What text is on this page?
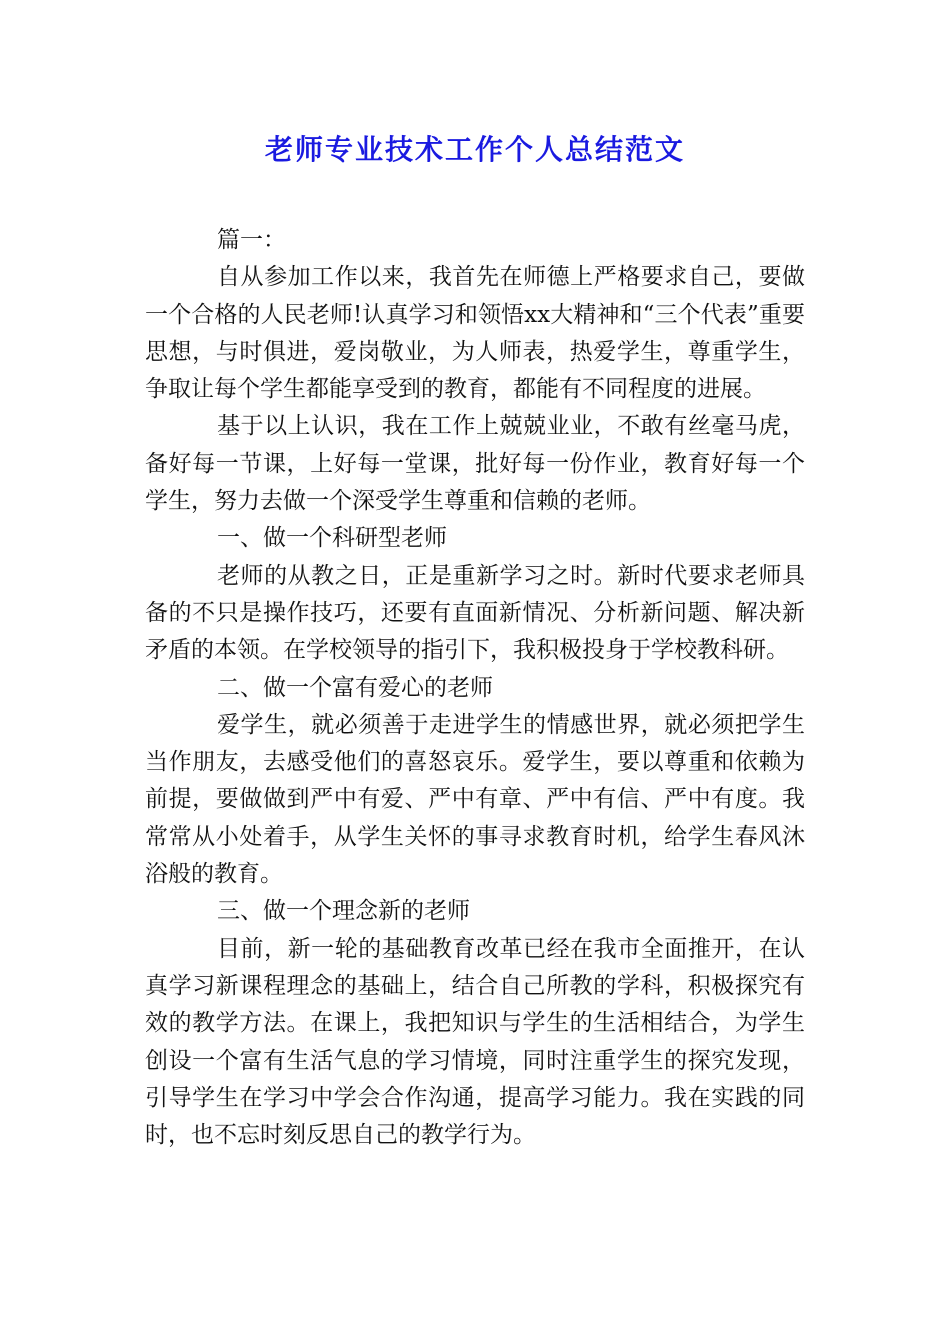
老师专业技术工作个人总结范文

篇一：

自从参加工作以来，我首先在师德上严格要求自己，要做一个合格的人民老师!认真学习和领悟xx大精神和“三个代表”重要思想，与时俱进，爱岗敬业，为人师表，热爱学生，尊重学生，争取让每个学生都能享受到的教育，都能有不同程度的进展。

基于以上认识，我在工作上兢兢业业，不敢有丝毫马虎，备好每一节课，上好每一堂课，批好每一份作业，教育好每一个学生，努力去做一个深受学生尊重和信赖的老师。

一、做一个科研型老师

老师的从教之日，正是重新学习之时。新时代要求老师具备的不只是操作技巧，还要有直面新情况、分析新问题、解决新矛盾的本领。在学校领导的指引下，我积极投身于学校教科研。

二、做一个富有爱心的老师

爱学生，就必须善于走进学生的情感世界，就必须把学生当作朋友，去感受他们的喜怒哀乐。爱学生，要以尊重和依赖为前提，要做做到严中有爱、严中有章、严中有信、严中有度。我常常从小处着手，从学生关怀的事寻求教育时机，给学生春风沐浴般的教育。

三、做一个理念新的老师

目前，新一轮的基础教育改革已经在我市全面推开，在认真学习新课程理念的基础上，结合自己所教的学科，积极探究有效的教学方法。在课上，我把知识与学生的生活相结合，为学生创设一个富有生活气息的学习情境，同时注重学生的探究发现，引导学生在学习中学会合作沟通，提高学习能力。我在实践的同时，也不忘时刻反思自己的教学行为。
